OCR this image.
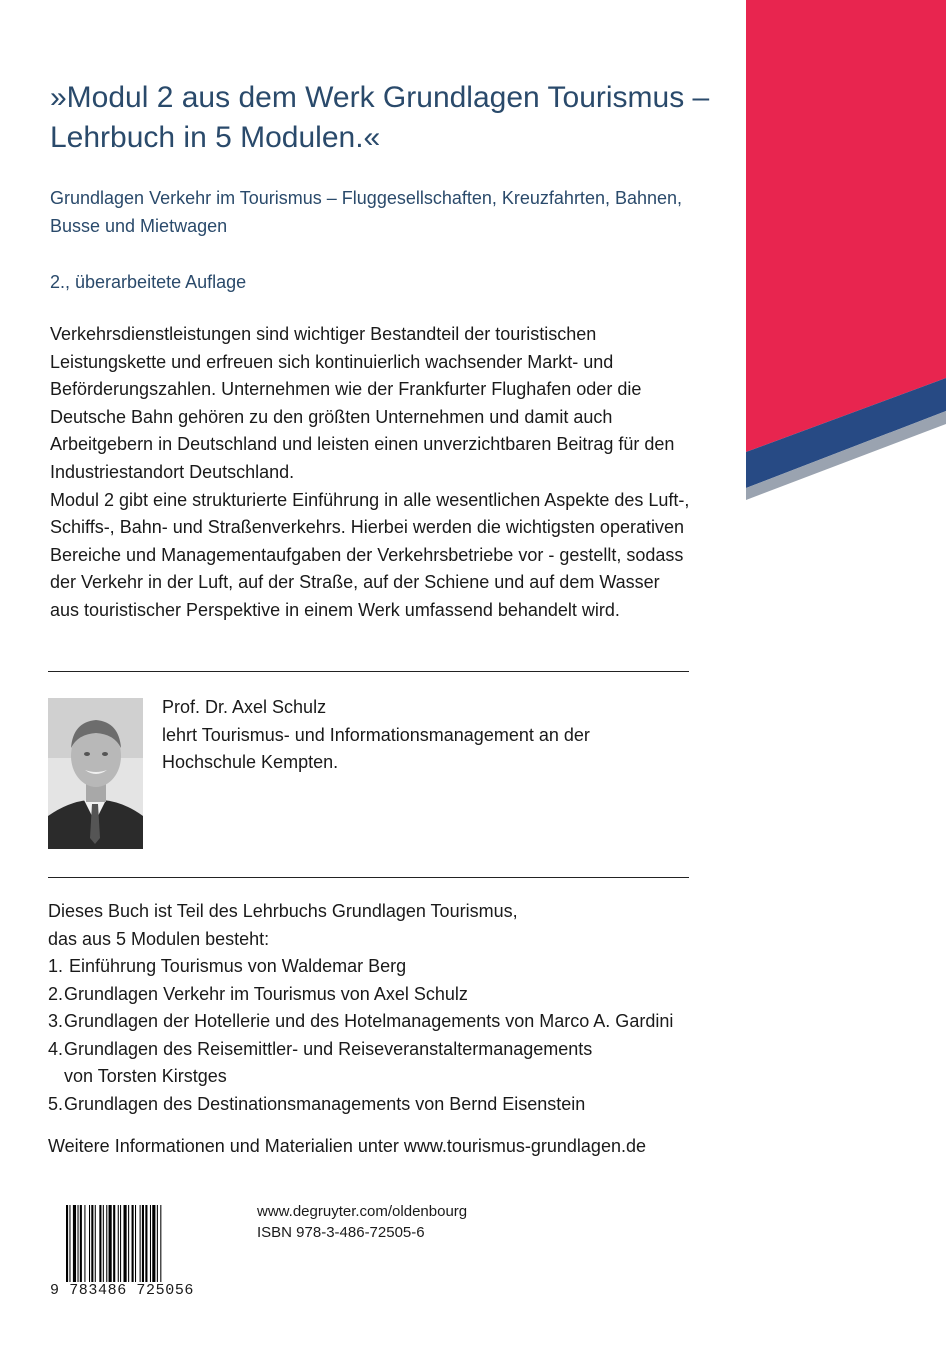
»Modul 2 aus dem Werk Grundlagen Tourismus – Lehrbuch in 5 Modulen.«

Grundlagen Verkehr im Tourismus – Fluggesellschaften, Kreuzfahrten, Bahnen, Busse und Mietwagen

2., überarbeitete Auflage

Verkehrsdienstleistungen sind wichtiger Bestandteil der touristischen Leistungskette und erfreuen sich kontinuierlich wachsender Markt- und Beförderungszahlen. Unternehmen wie der Frankfurter Flughafen oder die Deutsche Bahn gehören zu den größten Unternehmen und damit auch Arbeitgebern in Deutschland und leisten einen unverzichtbaren Beitrag für den Industriestandort Deutschland.

Modul 2 gibt eine strukturierte Einführung in alle wesentlichen Aspekte des Luft-, Schiffs-, Bahn- und Straßenverkehrs. Hierbei werden die wichtigsten operativen Bereiche und Managementaufgaben der Verkehrsbetriebe vor - gestellt, sodass der Verkehr in der Luft, auf der Straße, auf der Schiene und auf dem Wasser aus touristischer Perspektive in einem Werk umfassend behandelt wird.

Prof. Dr. Axel Schulz
lehrt Tourismus- und Informationsmanagement an der Hochschule Kempten.
Dieses Buch ist Teil des Lehrbuchs Grundlagen Tourismus, das aus 5 Modulen besteht:
1. Einführung Tourismus von Waldemar Berg
2.Grundlagen Verkehr im Tourismus von Axel Schulz
3.Grundlagen der Hotellerie und des Hotelmanagements von Marco A. Gardini
4.Grundlagen des Reisemittler- und Reiseveranstaltermanagements
von Torsten Kirstges
5.Grundlagen des Destinationsmanagements von Bernd Eisenstein

Weitere Informationen und Materialien unter www.tourismus-grundlagen.de

9 783486 725056
www.degruyter.com/oldenbourg
ISBN 978-3-486-72505-6
